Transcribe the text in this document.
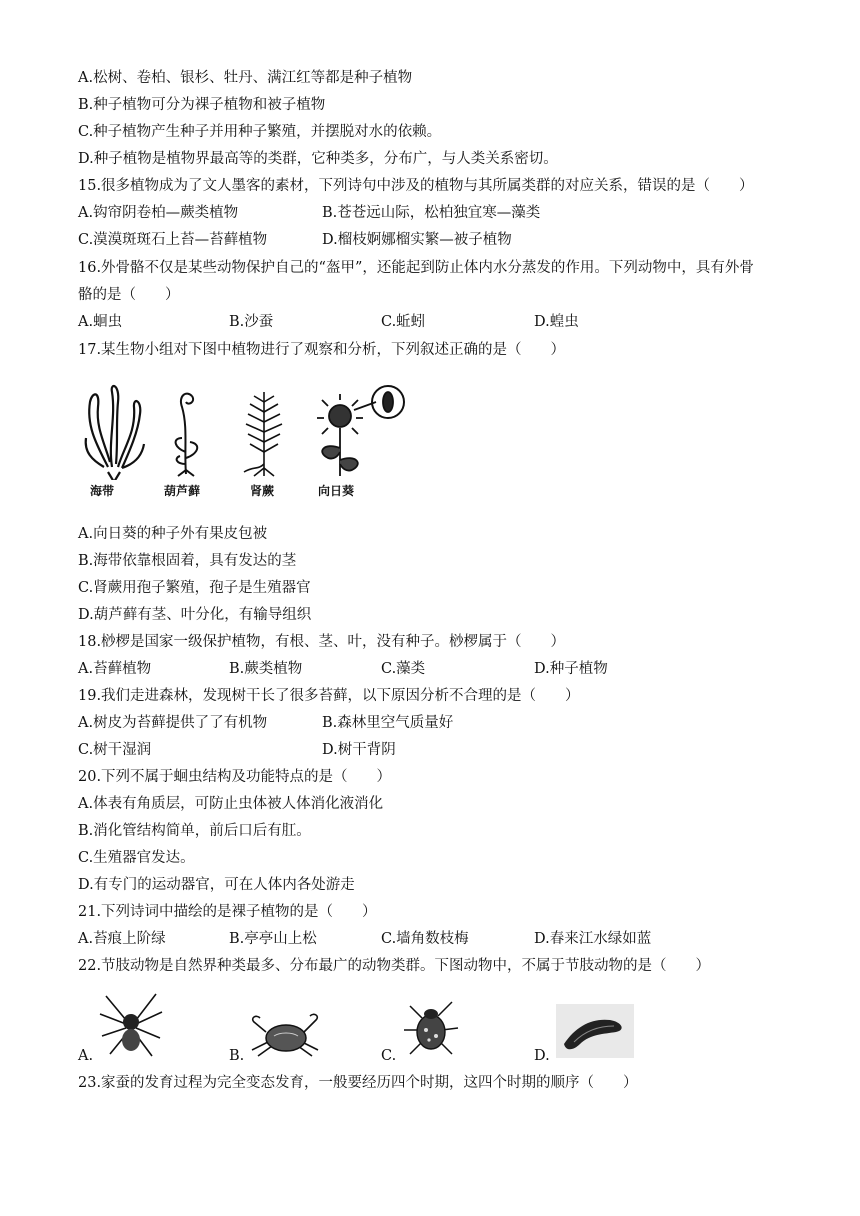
A.松树、卷柏、银杉、牡丹、满江红等都是种子植物
B.种子植物可分为裸子植物和被子植物
C.种子植物产生种子并用种子繁殖，并摆脱对水的依赖。
D.种子植物是植物界最高等的类群，它种类多，分布广，与人类关系密切。
15.很多植物成为了文人墨客的素材，下列诗句中涉及的植物与其所属类群的对应关系，错误的是（　　）
A.钩帘阴卷柏—蕨类植物	B.苍苍远山际，松柏独宜寒—藻类
C.漠漠斑斑石上苔—苔藓植物	D.榴枝婀娜榴实繁—被子植物
16.外骨骼不仅是某些动物保护自己的“盔甲”，还能起到防止体内水分蒸发的作用。下列动物中，具有外骨
骼的是（　　）
A.蛔虫	B.沙蚕	C.蚯蚓	D.蝗虫
17.某生物小组对下图中植物进行了观察和分析，下列叙述正确的是（　　）
海带	葫芦藓	肾蕨	向日葵
A.向日葵的种子外有果皮包被
B.海带依靠根固着，具有发达的茎
C.肾蕨用孢子繁殖，孢子是生殖器官
D.葫芦藓有茎、叶分化，有输导组织
18.桫椤是国家一级保护植物，有根、茎、叶，没有种子。桫椤属于（　　）
A.苔藓植物	B.蕨类植物	C.藻类	D.种子植物
19.我们走进森林，发现树干长了很多苔藓，以下原因分析不合理的是（　　）
A.树皮为苔藓提供了了有机物	B.森林里空气质量好
C.树干湿润	D.树干背阴
20.下列不属于蛔虫结构及功能特点的是（　　）
A.体表有角质层，可防止虫体被人体消化液消化
B.消化管结构简单，前后口后有肛。
C.生殖器官发达。
D.有专门的运动器官，可在人体内各处游走
21.下列诗词中描绘的是裸子植物的是（　　）
A.苔痕上阶绿	B.亭亭山上松	C.墙角数枝梅	D.春来江水绿如蓝
22.节肢动物是自然界种类最多、分布最广的动物类群。下图动物中，不属于节肢动物的是（　　）
A.	B.	C.	D.
23.家蚕的发育过程为完全变态发育，一般要经历四个时期，这四个时期的顺序（　　）
